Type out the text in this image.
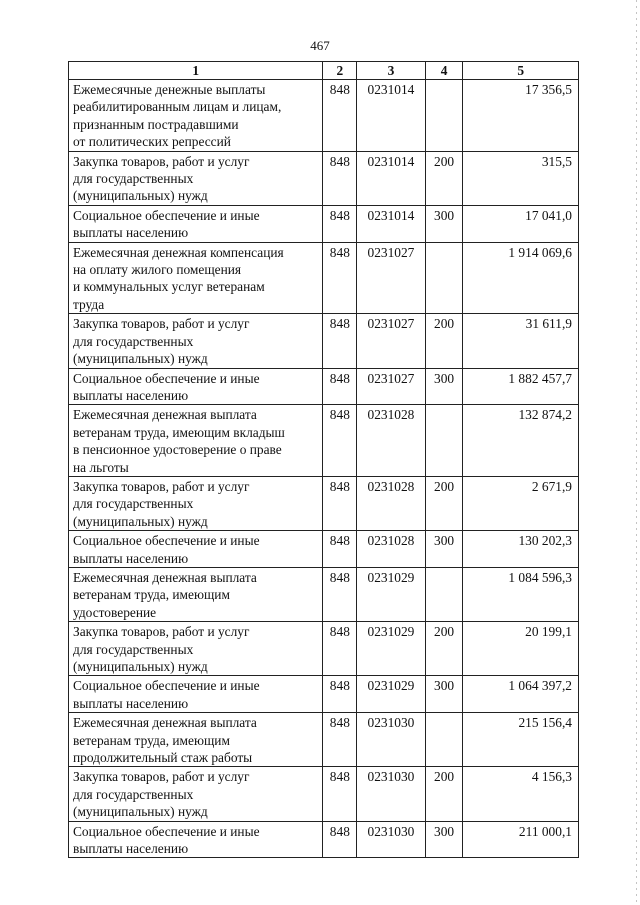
467
1	2	3	4	5
Ежемесячные денежные выплаты
реабилитированным лицам и лицам,
признанным пострадавшими
от политических репрессий	848	0231014		17 356,5
Закупка товаров, работ и услуг
для государственных
(муниципальных) нужд	848	0231014	200	315,5
Социальное обеспечение и иные
выплаты населению	848	0231014	300	17 041,0
Ежемесячная денежная компенсация
на оплату жилого помещения
и коммунальных услуг ветеранам
труда	848	0231027		1 914 069,6
Закупка товаров, работ и услуг
для государственных
(муниципальных) нужд	848	0231027	200	31 611,9
Социальное обеспечение и иные
выплаты населению	848	0231027	300	1 882 457,7
Ежемесячная денежная выплата
ветеранам труда, имеющим вкладыш
в пенсионное удостоверение о праве
на льготы	848	0231028		132 874,2
Закупка товаров, работ и услуг
для государственных
(муниципальных) нужд	848	0231028	200	2 671,9
Социальное обеспечение и иные
выплаты населению	848	0231028	300	130 202,3
Ежемесячная денежная выплата
ветеранам труда, имеющим
удостоверение	848	0231029		1 084 596,3
Закупка товаров, работ и услуг
для государственных
(муниципальных) нужд	848	0231029	200	20 199,1
Социальное обеспечение и иные
выплаты населению	848	0231029	300	1 064 397,2
Ежемесячная денежная выплата
ветеранам труда, имеющим
продолжительный стаж работы	848	0231030		215 156,4
Закупка товаров, работ и услуг
для государственных
(муниципальных) нужд	848	0231030	200	4 156,3
Социальное обеспечение и иные
выплаты населению	848	0231030	300	211 000,1
